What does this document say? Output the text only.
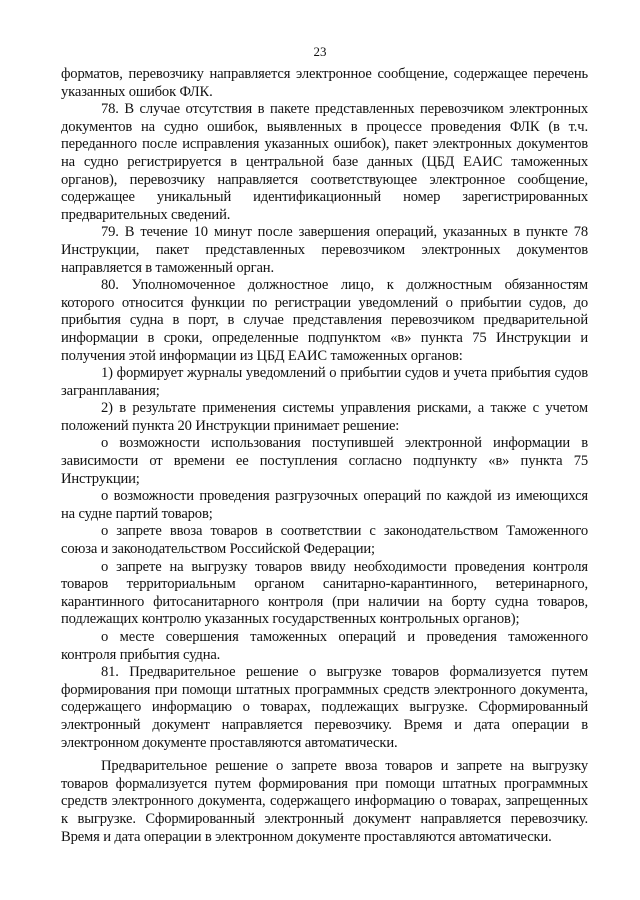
23

форматов, перевозчику направляется электронное сообщение, содержащее перечень указанных ошибок ФЛК.

78. В случае отсутствия в пакете представленных перевозчиком электронных документов на судно ошибок, выявленных в процессе проведения ФЛК (в т.ч. переданного после исправления указанных ошибок), пакет электронных документов на судно регистрируется в центральной базе данных (ЦБД ЕАИС таможенных органов), перевозчику направляется соответствующее электронное сообщение, содержащее уникальный идентификационный номер зарегистрированных предварительных сведений.

79. В течение 10 минут после завершения операций, указанных в пункте 78 Инструкции, пакет представленных перевозчиком электронных документов направляется в таможенный орган.

80. Уполномоченное должностное лицо, к должностным обязанностям которого относится функции по регистрации уведомлений о прибытии судов, до прибытия судна в порт, в случае представления перевозчиком предварительной информации в сроки, определенные подпунктом «в» пункта 75 Инструкции и получения этой информации из ЦБД ЕАИС таможенных органов:

1) формирует журналы уведомлений о прибытии судов и учета прибытия судов загранплавания;

2) в результате применения системы управления рисками, а также с учетом положений пункта 20 Инструкции принимает решение:

о возможности использования поступившей электронной информации в зависимости от времени ее поступления согласно подпункту «в» пункта 75 Инструкции;

о возможности проведения разгрузочных операций по каждой из имеющихся на судне партий товаров;

о запрете ввоза товаров в соответствии с законодательством Таможенного союза и законодательством Российской Федерации;

о запрете на выгрузку товаров ввиду необходимости проведения контроля товаров территориальным органом санитарно-карантинного, ветеринарного, карантинного фитосанитарного контроля (при наличии на борту судна товаров, подлежащих контролю указанных государственных контрольных органов);

о месте совершения таможенных операций и проведения таможенного контроля прибытия судна.

81. Предварительное решение о выгрузке товаров формализуется путем формирования при помощи штатных программных средств электронного документа, содержащего информацию о товарах, подлежащих выгрузке. Сформированный электронный документ направляется перевозчику. Время и дата операции в электронном документе проставляются автоматически.

Предварительное решение о запрете ввоза товаров и запрете на выгрузку товаров формализуется путем формирования при помощи штатных программных средств электронного документа, содержащего информацию о товарах, запрещенных к выгрузке. Сформированный электронный документ направляется перевозчику. Время и дата операции в электронном документе проставляются автоматически.
